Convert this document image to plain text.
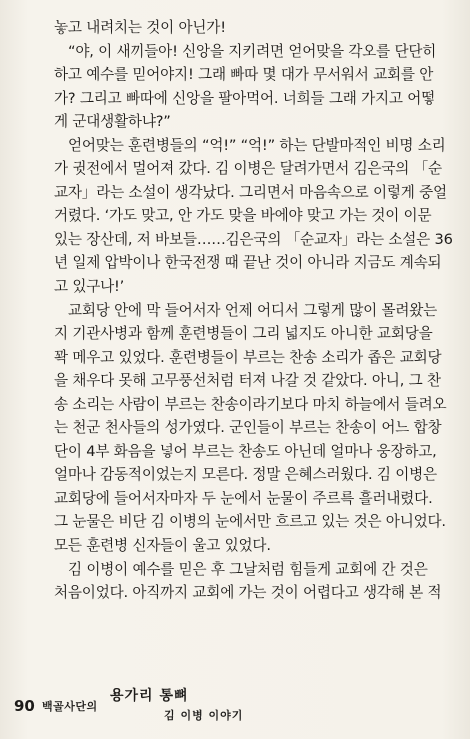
놓고 내려치는 것이 아닌가!
“야, 이 새끼들아! 신앙을 지키려면 얻어맞을 각오를 단단히
하고 예수를 믿어야지! 그래 빠따 몇 대가 무서워서 교회를 안
가? 그리고 빠따에 신앙을 팔아먹어. 너희들 그래 가지고 어떻
게 군대생활하냐?”
얻어맞는 훈련병들의 “억!” “억!” 하는 단발마적인 비명 소리
가 귓전에서 멀어져 갔다. 김 이병은 달려가면서 김은국의 「순
교자」라는 소설이 생각났다. 그리면서 마음속으로 이렇게 중얼
거렸다. ‘가도 맞고, 안 가도 맞을 바에야 맞고 가는 것이 이문
있는 장산데, 저 바보들……김은국의 「순교자」라는 소설은 36
년 일제 압박이나 한국전쟁 때 끝난 것이 아니라 지금도 계속되
고 있구나!’
교회당 안에 막 들어서자 언제 어디서 그렇게 많이 몰려왔는
지 기관사병과 함께 훈련병들이 그리 넓지도 아니한 교회당을
꽉 메우고 있었다. 훈련병들이 부르는 찬송 소리가 좁은 교회당
을 채우다 못해 고무풍선처럼 터져 나갈 것 같았다. 아니, 그 찬
송 소리는 사람이 부르는 찬송이라기보다 마치 하늘에서 들려오
는 천군 천사들의 성가였다. 군인들이 부르는 찬송이 어느 합창
단이 4부 화음을 넣어 부르는 찬송도 아닌데 얼마나 웅장하고,
얼마나 감동적이었는지 모른다. 정말 은혜스러웠다. 김 이병은
교회당에 들어서자마자 두 눈에서 눈물이 주르륵 흘러내렸다.
그 눈물은 비단 김 이병의 눈에서만 흐르고 있는 것은 아니었다.
모든 훈련병 신자들이 울고 있었다.
김 이병이 예수를 믿은 후 그날처럼 힘들게 교회에 간 것은
처음이었다. 아직까지 교회에 가는 것이 어렵다고 생각해 본 적
90 백골사단의
용가리 통뼈
김 이병 이야기
